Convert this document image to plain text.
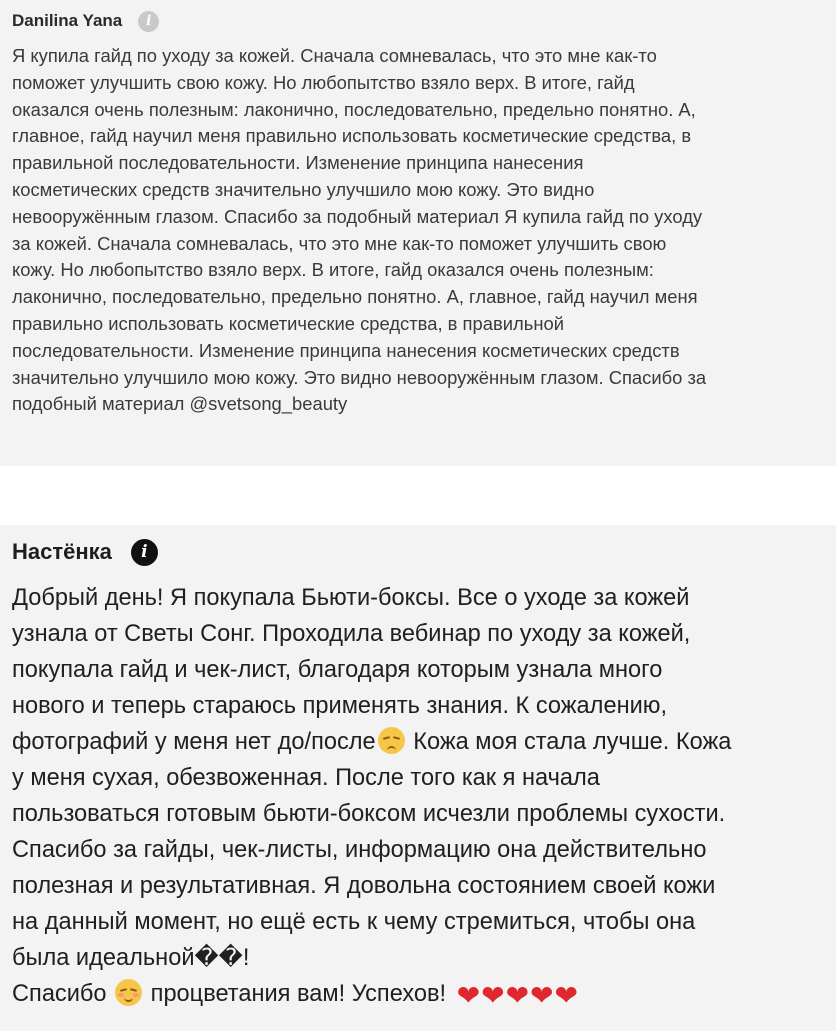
Danilina Yana	i
Я купила гайд по уходу за кожей. Сначала сомневалась, что это мне как-то
поможет улучшить свою кожу. Но любопытство взяло верх. В итоге, гайд
оказался очень полезным: лаконично, последовательно, предельно понятно. А,
главное, гайд научил меня правильно использовать косметические средства, в
правильной последовательности. Изменение принципа нанесения
косметических средств значительно улучшило мою кожу. Это видно
невооружённым глазом. Спасибо за подобный материал Я купила гайд по уходу
за кожей. Сначала сомневалась, что это мне как-то поможет улучшить свою
кожу. Но любопытство взяло верх. В итоге, гайд оказался очень полезным:
лаконично, последовательно, предельно понятно. А, главное, гайд научил меня
правильно использовать косметические средства, в правильной
последовательности. Изменение принципа нанесения косметических средств
значительно улучшило мою кожу. Это видно невооружённым глазом. Спасибо за
подобный материал @svetsong_beauty
Настёнка	i
Добрый день! Я покупала Бьюти-боксы. Все о уходе за кожей
узнала от Светы Сонг. Проходила вебинар по уходу за кожей,
покупала гайд и чек-лист, благодаря которым узнала много
нового и теперь стараюсь применять знания. К сожалению,
фотографий у меня нет до/после
Кожа моя стала лучше. Кожа
у меня сухая, обезвоженная. После того как я начала
пользоваться готовым бьюти-боксом исчезли проблемы сухости.
Спасибо за гайды, чек-листы, информацию она действительно
полезная и результативная. Я довольна состоянием своей кожи
на данный момент, но ещё есть к чему стремиться, чтобы она
была идеальной��!
Спасибо
процветания вам! Успехов! ❤❤❤❤❤
